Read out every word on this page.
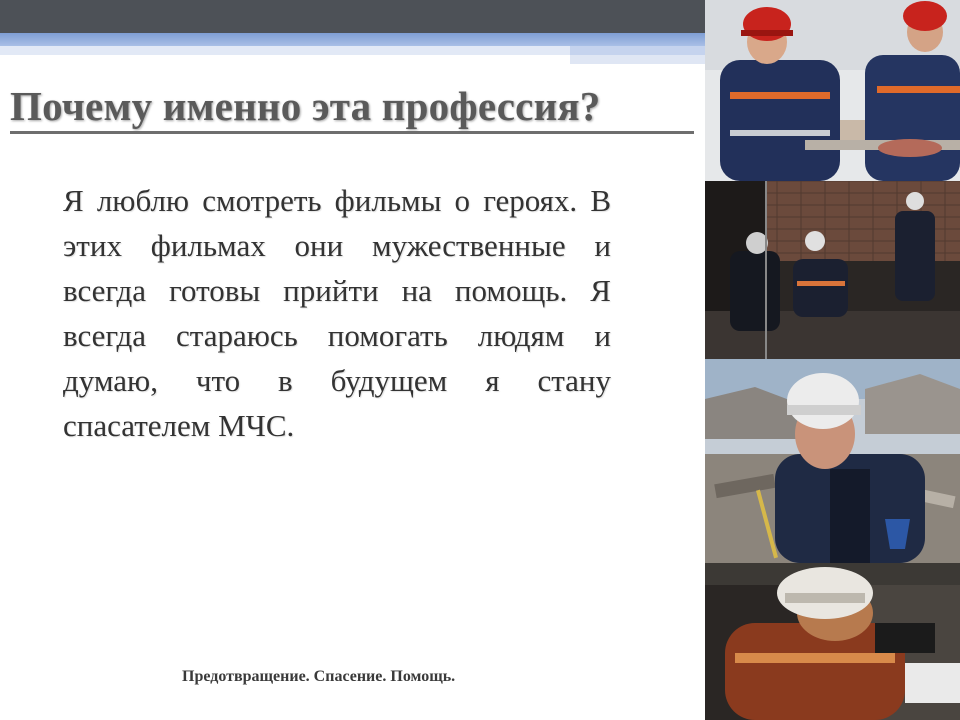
Почему именно эта профессия?
Я люблю смотреть фильмы о героях. В этих фильмах они мужественные и всегда готовы прийти на помощь. Я всегда стараюсь помогать людям и думаю, что в будущем я стану спасателем МЧС.
Предотвращение. Спасение. Помощь.
